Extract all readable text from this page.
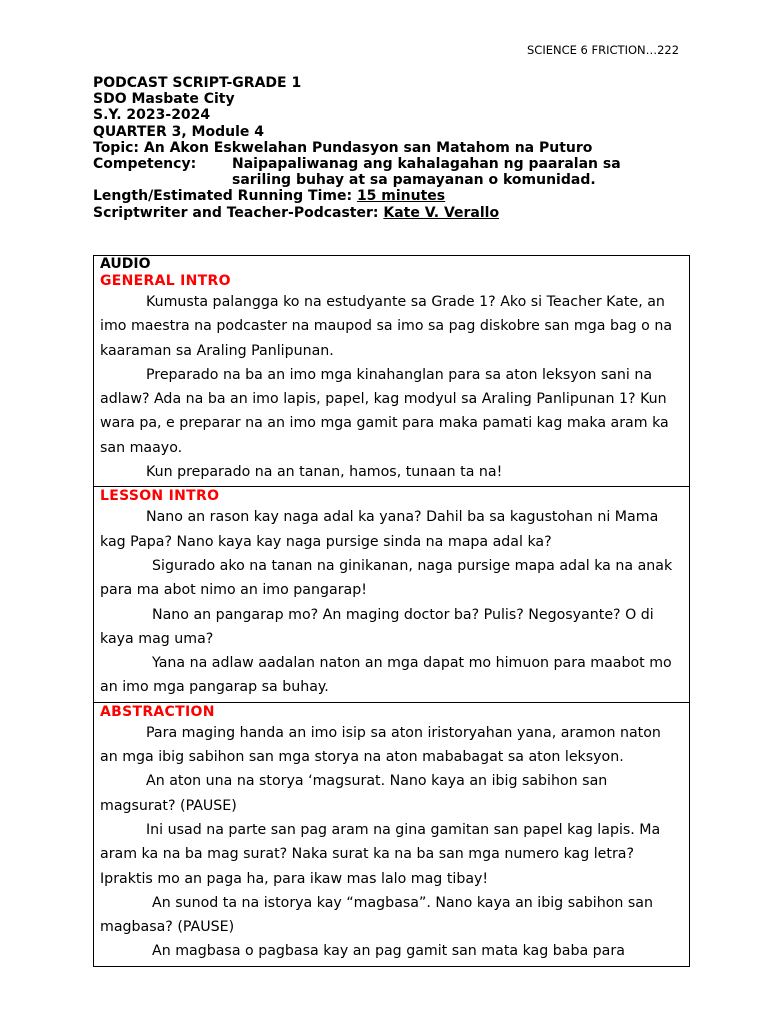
SCIENCE 6 FRICTION…222
PODCAST SCRIPT-GRADE 1
SDO Masbate City
S.Y. 2023-2024
QUARTER 3, Module 4
Topic: An Akon Eskwelahan Pundasyon san Matahom na Puturo
Competency:	Naipapaliwanag ang kahalagahan ng paaralan sa sariling buhay at sa pamayanan o komunidad.
Length/Estimated Running Time: 15 minutes
Scriptwriter and Teacher-Podcaster: Kate V. Verallo
AUDIO
GENERAL INTRO

Kumusta palangga ko na estudyante sa Grade 1? Ako si Teacher Kate, an imo maestra na podcaster na maupod sa imo sa pag diskobre san mga bag o na kaaraman sa Araling Panlipunan.

Preparado na ba an imo mga kinahanglan para sa aton leksyon sani na adlaw? Ada na ba an imo lapis, papel, kag modyul sa Araling Panlipunan 1? Kun wara pa, e preparar na an imo mga gamit para maka pamati kag maka aram ka san maayo.

Kun preparado na an tanan, hamos, tunaan ta na!

LESSON INTRO

Nano an rason kay naga adal ka yana? Dahil ba sa kagustohan ni Mama kag Papa? Nano kaya kay naga pursige sinda na mapa adal ka?

Sigurado ako na tanan na ginikanan, naga pursige mapa adal ka na anak para ma abot nimo an imo pangarap!

Nano an pangarap mo? An maging doctor ba? Pulis? Negosyante? O di kaya mag uma?

Yana na adlaw aadalan naton an mga dapat mo himuon para maabot mo an imo mga pangarap sa buhay.

ABSTRACTION

Para maging handa an imo isip sa aton iristoryahan yana, aramon naton an mga ibig sabihon san mga storya na aton mababagat sa aton leksyon.

An aton una na storya ‘magsurat. Nano kaya an ibig sabihon san magsurat? (PAUSE)

Ini usad na parte san pag aram na gina gamitan san papel kag lapis. Ma aram ka na ba mag surat? Naka surat ka na ba san mga numero kag letra? Ipraktis mo an paga ha, para ikaw mas lalo mag tibay!

An sunod ta na istorya kay “magbasa”. Nano kaya an ibig sabihon san magbasa? (PAUSE)

An magbasa o pagbasa kay an pag gamit san mata kag baba para
